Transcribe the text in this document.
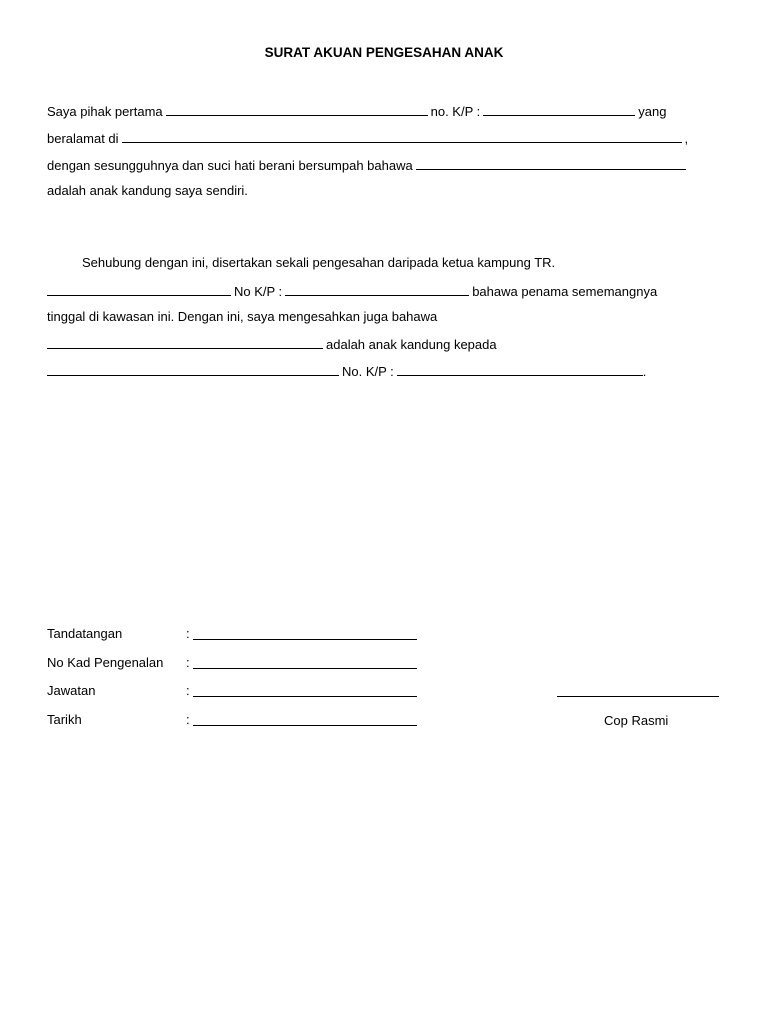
SURAT AKUAN PENGESAHAN ANAK
Saya pihak pertama	no. K/P :	yang
beralamat di	,
dengan sesungguhnya dan suci hati berani bersumpah bahawa
adalah anak kandung saya sendiri.
Sehubung dengan ini, disertakan sekali pengesahan daripada ketua kampung TR.
No K/P :	bahawa penama sememangnya
tinggal di kawasan ini. Dengan ini, saya mengesahkan juga bahawa
adalah anak kandung kepada
No. K/P :	.
Tandatangan	:
No Kad Pengenalan :
Jawatan	:
Tarikh	:	Cop Rasmi
